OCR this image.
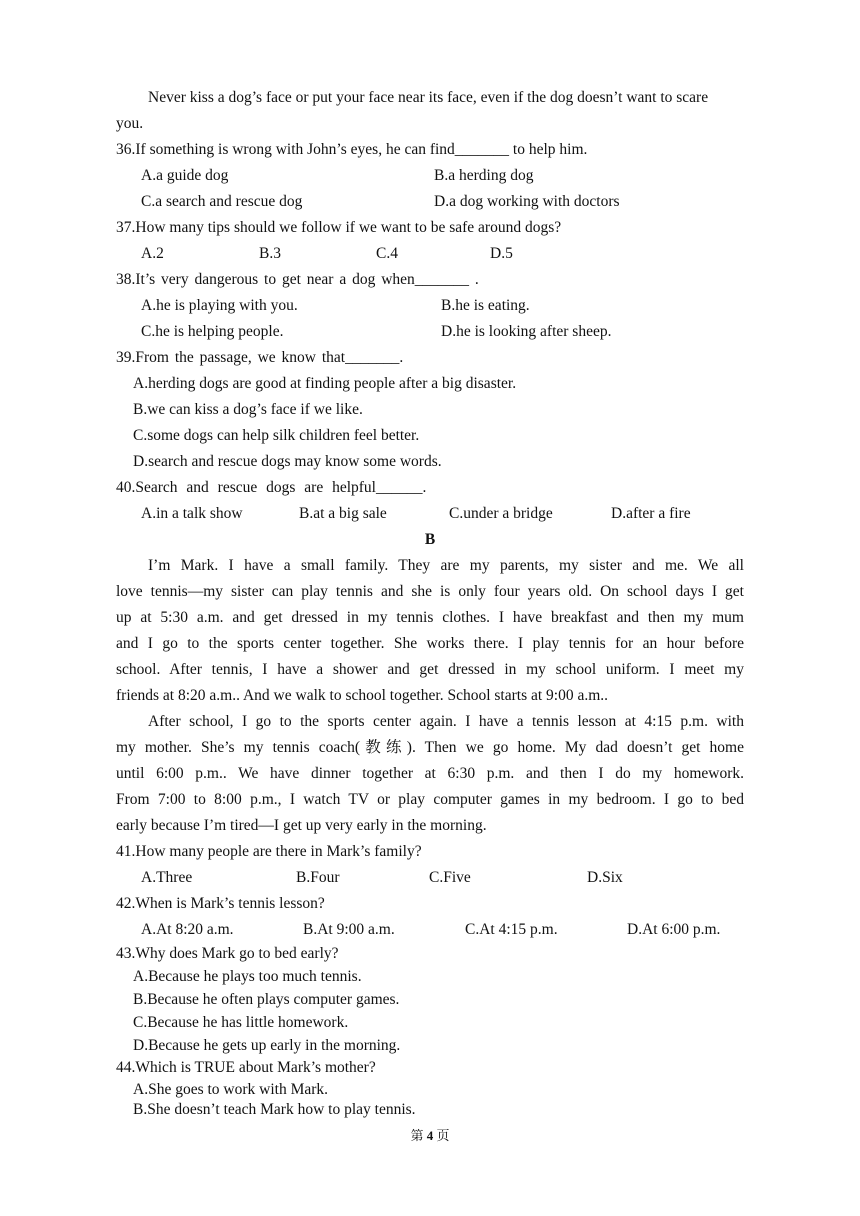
Never kiss a dog’s face or put your face near its face, even if the dog doesn’t want to scare
you.
36.If something is wrong with John’s eyes, he can find_______ to help him.
A.a guide dog	B.a herding dog
C.a search and rescue dog	D.a dog working with doctors
37.How many tips should we follow if we want to be safe around dogs?
A.2	B.3	C.4	D.5
38.It’s very dangerous to get near a dog when_______ .
A.he is playing with you.	B.he is eating.
C.he is helping people.	D.he is looking after sheep.
39.From the passage, we know that_______.
A.herding dogs are good at finding people after a big disaster.
B.we can kiss a dog’s face if we like.
C.some dogs can help silk children feel better.
D.search and rescue dogs may know some words.
40.Search and rescue dogs are helpful______.
A.in a talk show	B.at a big sale	C.under a bridge	D.after a fire
B
I’m Mark. I have a small family. They are my parents, my sister and me. We all
love tennis—my sister can play tennis and she is only four years old. On school days I get
up at 5:30 a.m. and get dressed in my tennis clothes. I have breakfast and then my mum
and I go to the sports center together. She works there. I play tennis for an hour before
school. After tennis, I have a shower and get dressed in my school uniform. I meet my
friends at 8:20 a.m.. And we walk to school together. School starts at 9:00 a.m..
After school, I go to the sports center again. I have a tennis lesson at 4:15 p.m. with
my mother. She’s my tennis coach(教练). Then we go home. My dad doesn’t get home
until 6:00 p.m.. We have dinner together at 6:30 p.m. and then I do my homework.
From 7:00 to 8:00 p.m., I watch TV or play computer games in my bedroom. I go to bed
early because I’m tired—I get up very early in the morning.
41.How many people are there in Mark’s family?
A.Three	B.Four	C.Five	D.Six
42.When is Mark’s tennis lesson?
A.At 8:20 a.m.	B.At 9:00 a.m.	C.At 4:15 p.m.	D.At 6:00 p.m.
43.Why does Mark go to bed early?
A.Because he plays too much tennis.
B.Because he often plays computer games.
C.Because he has little homework.
D.Because he gets up early in the morning.
44.Which is TRUE about Mark’s mother?
A.She goes to work with Mark.
B.She doesn’t teach Mark how to play tennis.
第 4 页
